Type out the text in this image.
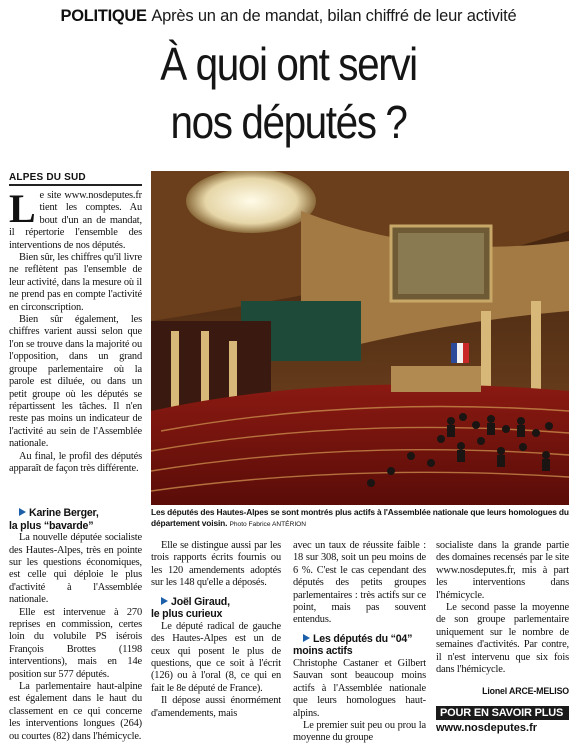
POLITIQUE Après un an de mandat, bilan chiffré de leur activité
À quoi ont servi
nos députés ?
ALPES DU SUD

Le site www.nosdeputes.fr tient les comptes. Au bout d'un an de mandat, il répertorie l'ensemble des interventions de nos députés.

Bien sûr, les chiffres qu'il livre ne reflètent pas l'ensemble de leur activité, dans la mesure où il ne prend pas en compte l'activité en circonscription.

Bien sûr également, les chiffres varient aussi selon que l'on se trouve dans la majorité ou l'opposition, dans un grand groupe parlementaire où la parole est diluée, ou dans un petit groupe où les députés se répartissent les tâches. Il n'en reste pas moins un indicateur de l'activité au sein de l'Assemblée nationale.

Au final, le profil des députés apparaît de façon très différente.

Les députés des Hautes-Alpes se sont montrés plus actifs à l'Assemblée nationale que leurs homologues du département voisin. Photo Fabrice ANTÉRION

Karine Berger,
la plus “bavarde”

La nouvelle députée socialiste des Hautes-Alpes, très en pointe sur les questions économiques, est celle qui déploie le plus d'activité à l'Assemblée nationale.

Elle est intervenue à 270 reprises en commission, certes loin du volubile PS isérois François Brottes (1198 interventions), mais en 14e position sur 577 députés.

La parlementaire haut-alpine est également dans le haut du classement en ce qui concerne les interventions longues (264) ou courtes (82) dans l'hémicycle.

Elle se distingue aussi par les trois rapports écrits fournis ou les 120 amendements adoptés sur les 148 qu'elle a déposés.

Joël Giraud,
le plus curieux

Le député radical de gauche des Hautes-Alpes est un de ceux qui posent le plus de questions, que ce soit à l'écrit (126) ou à l'oral (8, ce qui en fait le 8e député de France).

Il dépose aussi énormément d'amendements, mais

avec un taux de réussite faible : 18 sur 308, soit un peu moins de 6 %. C'est le cas cependant des députés des petits groupes parlementaires : très actifs sur ce point, mais pas souvent entendus.

Les députés du “04”
moins actifs

Christophe Castaner et Gilbert Sauvan sont beaucoup moins actifs à l'Assemblée nationale que leurs homologues haut-alpins.

Le premier suit peu ou prou la moyenne du groupe

socialiste dans la grande partie des domaines recensés par le site www.nosdeputes.fr, mis à part les interventions dans l'hémicycle.

Le second passe la moyenne de son groupe parlementaire uniquement sur le nombre de semaines d'activités. Par contre, il n'est intervenu que six fois dans l'hémicycle.

Lionel ARCE-MELISO

POUR EN SAVOIR PLUS
www.nosdeputes.fr
